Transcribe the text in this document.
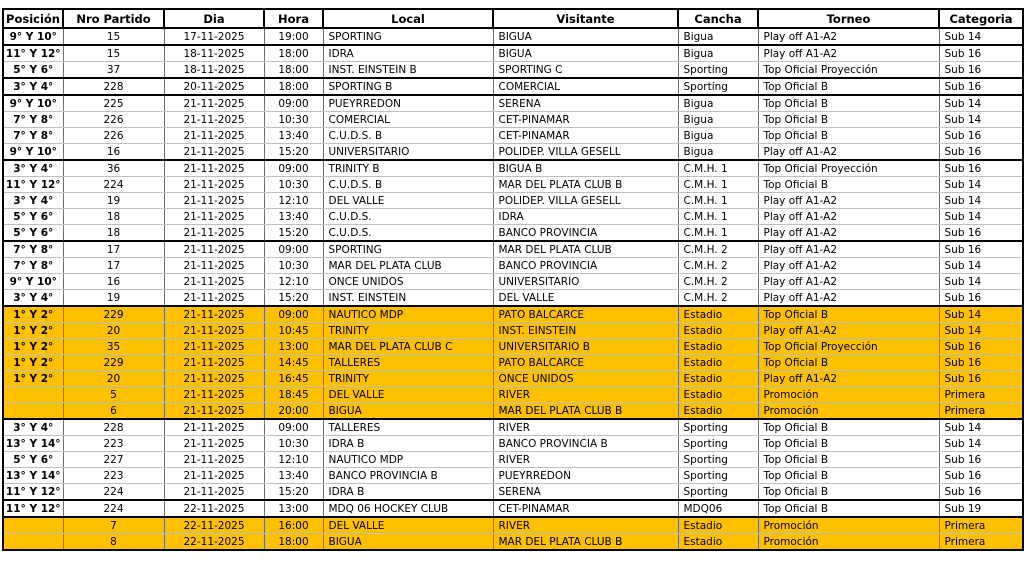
Posición	Nro Partido	Dia	Hora	Local	Visitante	Cancha	Torneo	Categoria
9° Y 10°	15	17-11-2025	19:00	SPORTING	BIGUA	Bigua	Play off A1-A2	Sub 14
11° Y 12°	15	18-11-2025	18:00	IDRA	BIGUA	Bigua	Play off A1-A2	Sub 16
5° Y 6°	37	18-11-2025	18:00	INST. EINSTEIN B	SPORTING C	Sporting	Top Oficial Proyección	Sub 16
3° Y 4°	228	20-11-2025	18:00	SPORTING B	COMERCIAL	Sporting	Top Oficial B	Sub 16
9° Y 10°	225	21-11-2025	09:00	PUEYRREDON	SERENA	Bigua	Top Oficial B	Sub 14
7° Y 8°	226	21-11-2025	10:30	COMERCIAL	CET-PINAMAR	Bigua	Top Oficial B	Sub 14
7° Y 8°	226	21-11-2025	13:40	C.U.D.S. B	CET-PINAMAR	Bigua	Top Oficial B	Sub 16
9° Y 10°	16	21-11-2025	15:20	UNIVERSITARIO	POLIDEP. VILLA GESELL	Bigua	Play off A1-A2	Sub 16
3° Y 4°	36	21-11-2025	09:00	TRINITY B	BIGUA B	C.M.H. 1	Top Oficial Proyección	Sub 16
11° Y 12°	224	21-11-2025	10:30	C.U.D.S. B	MAR DEL PLATA CLUB B	C.M.H. 1	Top Oficial B	Sub 14
3° Y 4°	19	21-11-2025	12:10	DEL VALLE	POLIDEP. VILLA GESELL	C.M.H. 1	Play off A1-A2	Sub 14
5° Y 6°	18	21-11-2025	13:40	C.U.D.S.	IDRA	C.M.H. 1	Play off A1-A2	Sub 14
5° Y 6°	18	21-11-2025	15:20	C.U.D.S.	BANCO PROVINCIA	C.M.H. 1	Play off A1-A2	Sub 16
7° Y 8°	17	21-11-2025	09:00	SPORTING	MAR DEL PLATA CLUB	C.M.H. 2	Play off A1-A2	Sub 16
7° Y 8°	17	21-11-2025	10:30	MAR DEL PLATA CLUB	BANCO PROVINCIA	C.M.H. 2	Play off A1-A2	Sub 14
9° Y 10°	16	21-11-2025	12:10	ONCE UNIDOS	UNIVERSITARIO	C.M.H. 2	Play off A1-A2	Sub 14
3° Y 4°	19	21-11-2025	15:20	INST. EINSTEIN	DEL VALLE	C.M.H. 2	Play off A1-A2	Sub 16
1° Y 2°	229	21-11-2025	09:00	NAUTICO MDP	PATO BALCARCE	Estadio	Top Oficial B	Sub 14
1° Y 2°	20	21-11-2025	10:45	TRINITY	INST. EINSTEIN	Estadio	Play off A1-A2	Sub 14
1° Y 2°	35	21-11-2025	13:00	MAR DEL PLATA CLUB C	UNIVERSITARIO B	Estadio	Top Oficial Proyección	Sub 16
1° Y 2°	229	21-11-2025	14:45	TALLERES	PATO BALCARCE	Estadio	Top Oficial B	Sub 16
1° Y 2°	20	21-11-2025	16:45	TRINITY	ONCE UNIDOS	Estadio	Play off A1-A2	Sub 16
	5	21-11-2025	18:45	DEL VALLE	RIVER	Estadio	Promoción	Primera
	6	21-11-2025	20:00	BIGUA	MAR DEL PLATA CLUB B	Estadio	Promoción	Primera
3° Y 4°	228	21-11-2025	09:00	TALLERES	RIVER	Sporting	Top Oficial B	Sub 14
13° Y 14°	223	21-11-2025	10:30	IDRA B	BANCO PROVINCIA B	Sporting	Top Oficial B	Sub 14
5° Y 6°	227	21-11-2025	12:10	NAUTICO MDP	RIVER	Sporting	Top Oficial B	Sub 16
13° Y 14°	223	21-11-2025	13:40	BANCO PROVINCIA B	PUEYRREDON	Sporting	Top Oficial B	Sub 16
11° Y 12°	224	21-11-2025	15:20	IDRA B	SERENA	Sporting	Top Oficial B	Sub 16
11° Y 12°	224	22-11-2025	13:00	MDQ 06 HOCKEY CLUB	CET-PINAMAR	MDQ06	Top Oficial B	Sub 19
	7	22-11-2025	16:00	DEL VALLE	RIVER	Estadio	Promoción	Primera
	8	22-11-2025	18:00	BIGUA	MAR DEL PLATA CLUB B	Estadio	Promoción	Primera
